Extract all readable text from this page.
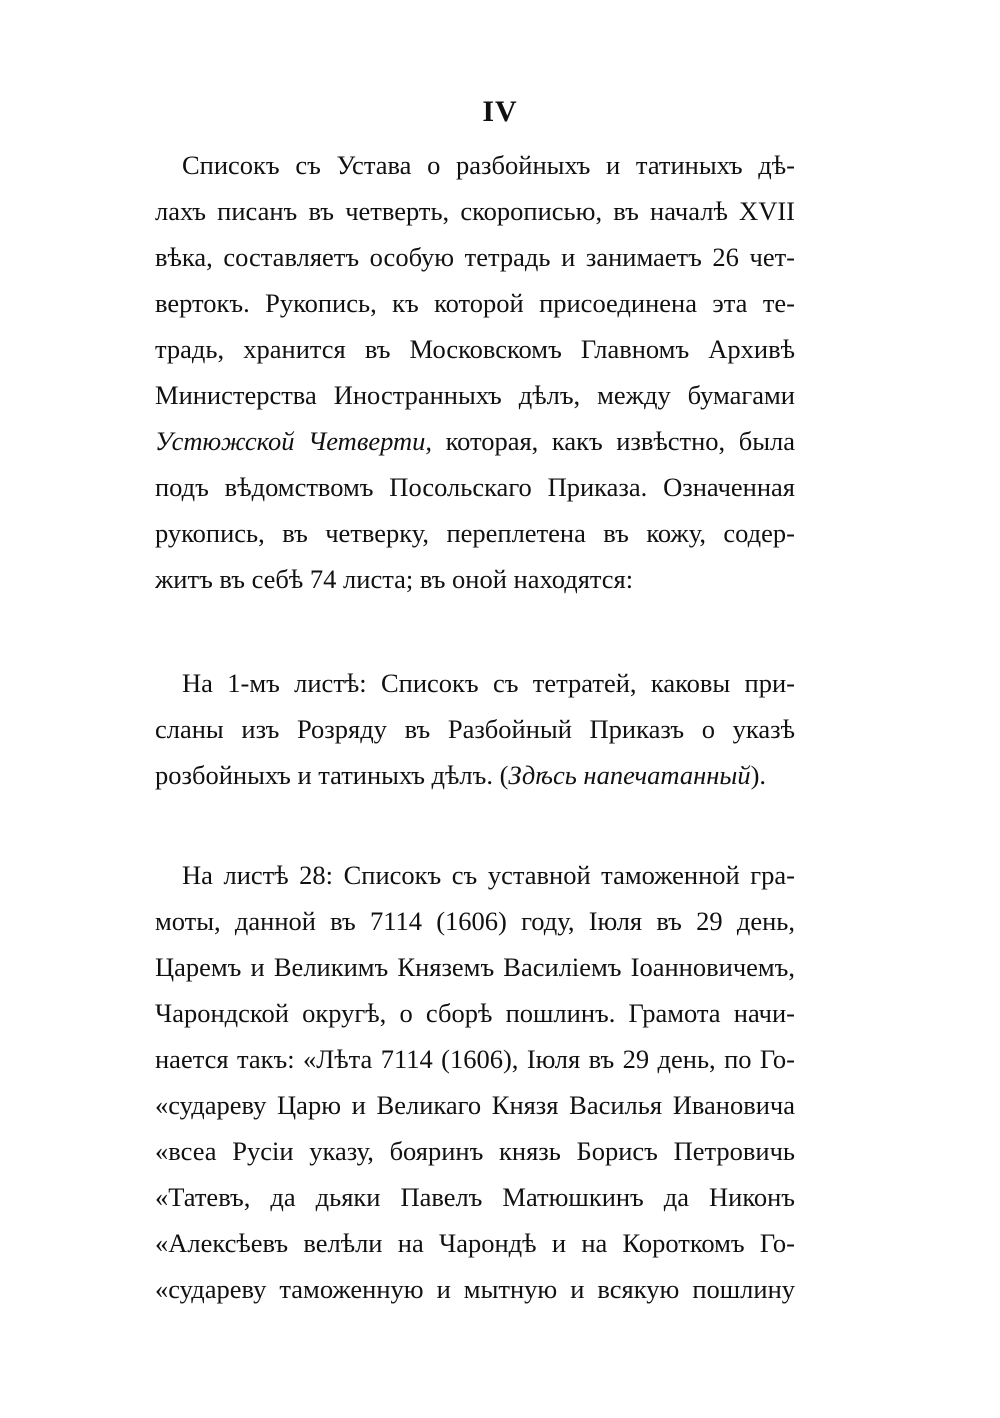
IV
Списокъ съ Устава о разбойныхъ и татиныхъ дѣ-
лахъ писанъ въ четверть, скорописью, въ началѣ XVII
вѣка, составляетъ особую тетрадь и занимаетъ 26 чет-
вертокъ. Рукопись, къ которой присоединена эта те-
традь, хранится въ Московскомъ Главномъ Архивѣ
Министерства Иностранныхъ дѣлъ, между бумагами
Устюжской Четверти, которая, какъ извѣстно, была
подъ вѣдомствомъ Посольскаго Приказа. Означенная
рукопись, въ четверку, переплетена въ кожу, содер-
житъ въ себѣ 74 листа; въ оной находятся:
На 1-мъ листѣ: Списокъ съ тетратей, каковы при-
сланы изъ Розряду въ Разбойный Приказъ о указѣ
розбойныхъ и татиныхъ дѣлъ. (Здѣсь напечатанный).
На листѣ 28: Списокъ съ уставной таможенной гра-
моты, данной въ 7114 (1606) году, Іюля въ 29 день,
Царемъ и Великимъ Княземъ Василіемъ Іоанновичемъ,
Чарондской округѣ, о сборѣ пошлинъ. Грамота начи-
нается такъ: «Лѣта 7114 (1606), Іюля въ 29 день, по Го-
«судареву Царю и Великаго Князя Василья Ивановича
«всеа Русіи указу, бояринъ князь Борисъ Петровичь
«Татевъ, да дьяки Павелъ Матюшкинъ да Никонъ
«Алексѣевъ велѣли на Чарондѣ и на Короткомъ Го-
«судареву таможенную и мытную и всякую пошлину
